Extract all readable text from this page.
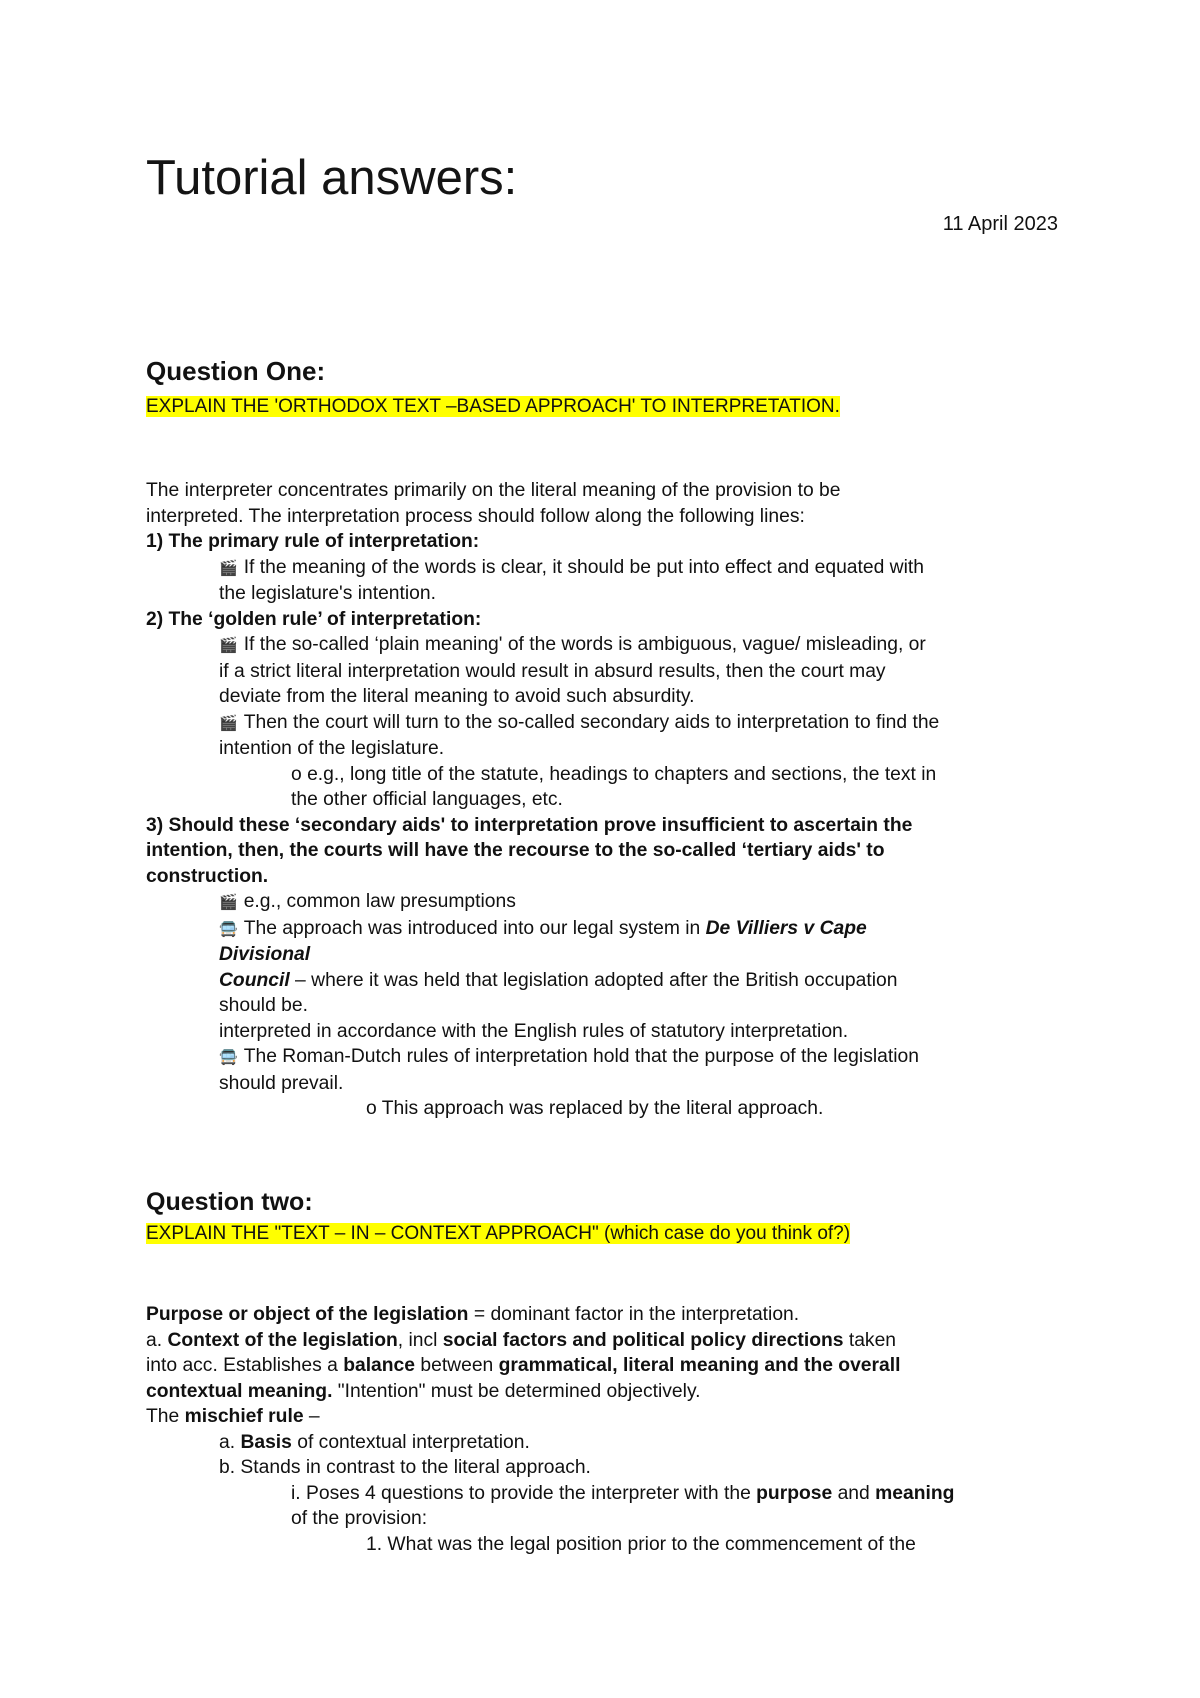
Tutorial answers:
11 April 2023
Question One:
EXPLAIN THE 'ORTHODOX TEXT –BASED APPROACH' TO INTERPRETATION.
The interpreter concentrates primarily on the literal meaning of the provision to be
interpreted. The interpretation process should follow along the following lines:
1) The primary rule of interpretation:
🎬 If the meaning of the words is clear, it should be put into effect and equated with
the legislature's intention.
2) The ‘golden rule’ of interpretation:
🎬 If the so-called ‘plain meaning' of the words is ambiguous, vague/ misleading, or
if a strict literal interpretation would result in absurd results, then the court may
deviate from the literal meaning to avoid such absurdity.
🎬 Then the court will turn to the so-called secondary aids to interpretation to find the
intention of the legislature.
o e.g., long title of the statute, headings to chapters and sections, the text in
the other official languages, etc.
3) Should these ‘secondary aids' to interpretation prove insufficient to ascertain the
intention, then, the courts will have the recourse to the so-called ‘tertiary aids' to
construction.
🎬 e.g., common law presumptions
🚍 The approach was introduced into our legal system in De Villiers v Cape
Divisional
Council – where it was held that legislation adopted after the British occupation
should be.
interpreted in accordance with the English rules of statutory interpretation.
🚍 The Roman-Dutch rules of interpretation hold that the purpose of the legislation
should prevail.
o This approach was replaced by the literal approach.
Question two:
EXPLAIN THE "TEXT – IN – CONTEXT APPROACH" (which case do you think of?)
Purpose or object of the legislation = dominant factor in the interpretation.
a. Context of the legislation, incl social factors and political policy directions taken
into acc. Establishes a balance between grammatical, literal meaning and the overall
contextual meaning. "Intention" must be determined objectively.
The mischief rule –
a. Basis of contextual interpretation.
b. Stands in contrast to the literal approach.
i. Poses 4 questions to provide the interpreter with the purpose and meaning
of the provision:
1. What was the legal position prior to the commencement of the
